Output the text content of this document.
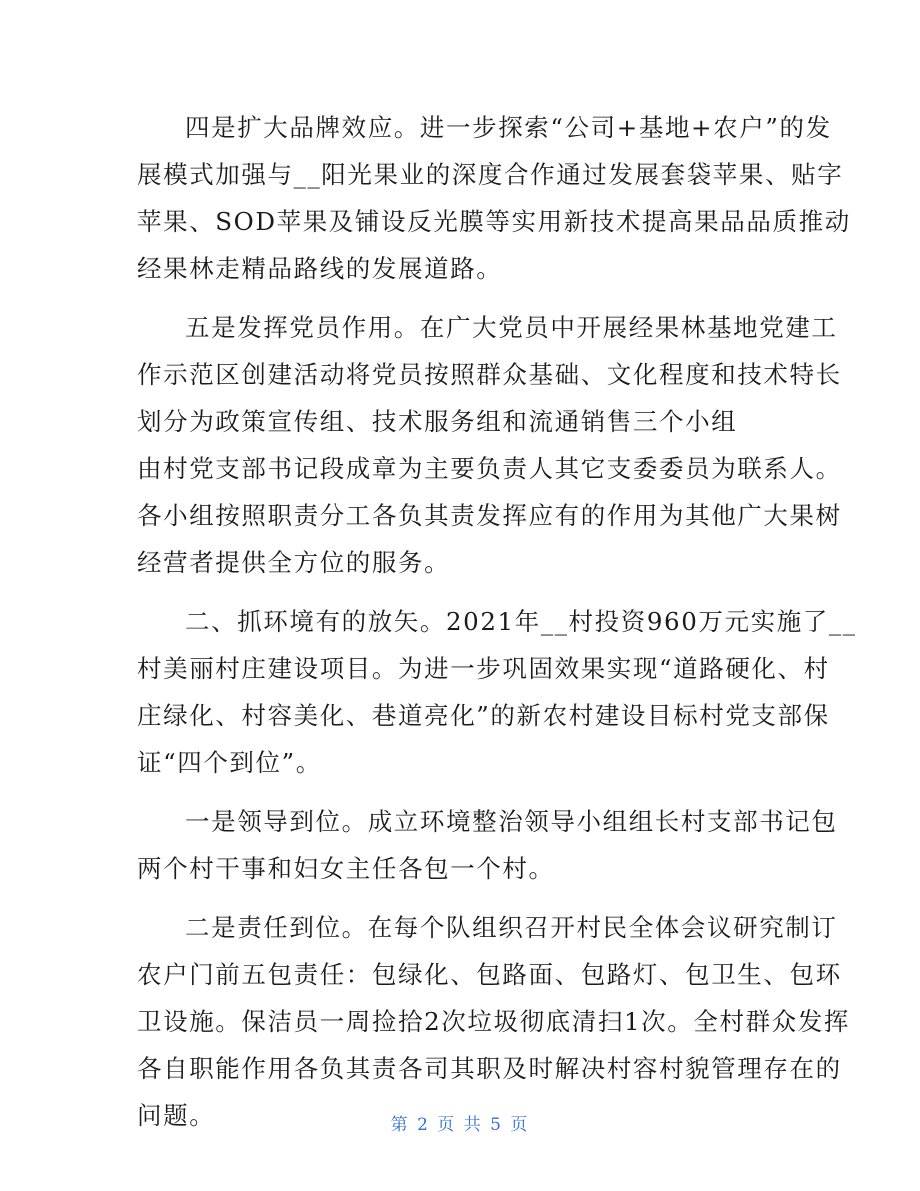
四是扩大品牌效应。进一步探索“公司+基地+农户”的发
展模式加强与__阳光果业的深度合作通过发展套袋苹果、贴字
苹果、SOD苹果及铺设反光膜等实用新技术提高果品品质推动
经果林走精品路线的发展道路。

五是发挥党员作用。在广大党员中开展经果林基地党建工
作示范区创建活动将党员按照群众基础、文化程度和技术特长
划分为政策宣传组、技术服务组和流通销售三个小组
由村党支部书记段成章为主要负责人其它支委委员为联系人。
各小组按照职责分工各负其责发挥应有的作用为其他广大果树
经营者提供全方位的服务。

二、抓环境有的放矢。2021年__村投资960万元实施了__
村美丽村庄建设项目。为进一步巩固效果实现“道路硬化、村
庄绿化、村容美化、巷道亮化”的新农村建设目标村党支部保
证“四个到位”。

一是领导到位。成立环境整治领导小组组长村支部书记包
两个村干事和妇女主任各包一个村。

二是责任到位。在每个队组织召开村民全体会议研究制订
农户门前五包责任：包绿化、包路面、包路灯、包卫生、包环
卫设施。保洁员一周捡拾2次垃圾彻底清扫1次。全村群众发挥
各自职能作用各负其责各司其职及时解决村容村貌管理存在的
问题。	第 2 页 共 5 页
